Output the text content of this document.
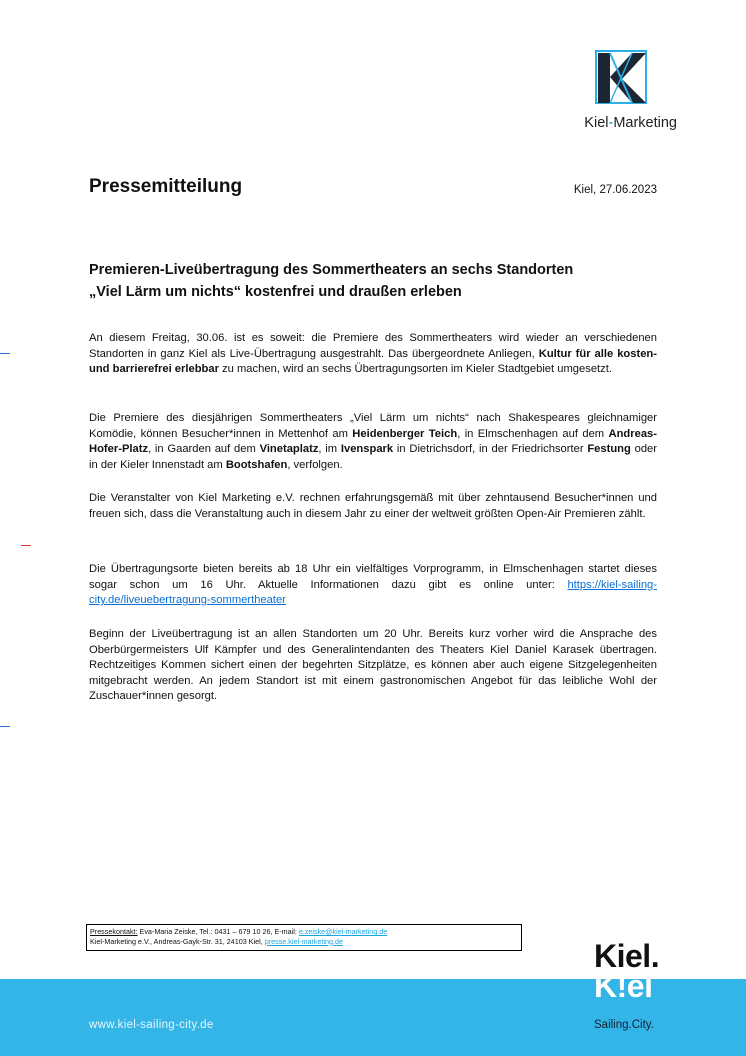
Kiel-Marketing
Pressemitteilung	Kiel, 27.06.2023
Premieren-Liveübertragung des Sommertheaters an sechs Standorten
„Viel Lärm um nichts“ kostenfrei und draußen erleben
An diesem Freitag, 30.06. ist es soweit: die Premiere des Sommertheaters wird wieder an verschiedenen Standorten in ganz Kiel als Live-Übertragung ausgestrahlt. Das übergeordnete Anliegen, Kultur für alle kosten- und barrierefrei erlebbar zu machen, wird an sechs Übertragungsorten im Kieler Stadtgebiet umgesetzt.
Die Premiere des diesjährigen Sommertheaters „Viel Lärm um nichts“ nach Shakespeares gleichnamiger Komödie, können Besucher*innen in Mettenhof am Heidenberger Teich, in Elmschenhagen auf dem Andreas-Hofer-Platz, in Gaarden auf dem Vinetaplatz, im Ivenspark in Dietrichsdorf, in der Friedrichsorter Festung oder in der Kieler Innenstadt am Bootshafen, verfolgen.
Die Veranstalter von Kiel Marketing e.V. rechnen erfahrungsgemäß mit über zehntausend Besucher*innen und freuen sich, dass die Veranstaltung auch in diesem Jahr zu einer der weltweit größten Open-Air Premieren zählt.
Die Übertragungsorte bieten bereits ab 18 Uhr ein vielfältiges Vorprogramm, in Elmschenhagen startet dieses sogar schon um 16 Uhr. Aktuelle Informationen dazu gibt es online unter: https://kiel-sailing-city.de/liveuebertragung-sommertheater
Beginn der Liveübertragung ist an allen Standorten um 20 Uhr. Bereits kurz vorher wird die Ansprache des Oberbürgermeisters Ulf Kämpfer und des Generalintendanten des Theaters Kiel Daniel Karasek übertragen. Rechtzeitiges Kommen sichert einen der begehrten Sitzplätze, es können aber auch eigene Sitzgelegenheiten mitgebracht werden. An jedem Standort ist mit einem gastronomischen Angebot für das leibliche Wohl der Zuschauer*innen gesorgt.
Pressekontakt: Eva-Maria Zeiske, Tel.: 0431 – 679 10 26, E-mail: e.zeiske@kiel-marketing.de
Kiel-Marketing e.V., Andreas-Gayk-Str. 31, 24103 Kiel, presse.kiel-marketing.de
www.kiel-sailing-city.de
Kiel.
K!el
Sailing.City.
